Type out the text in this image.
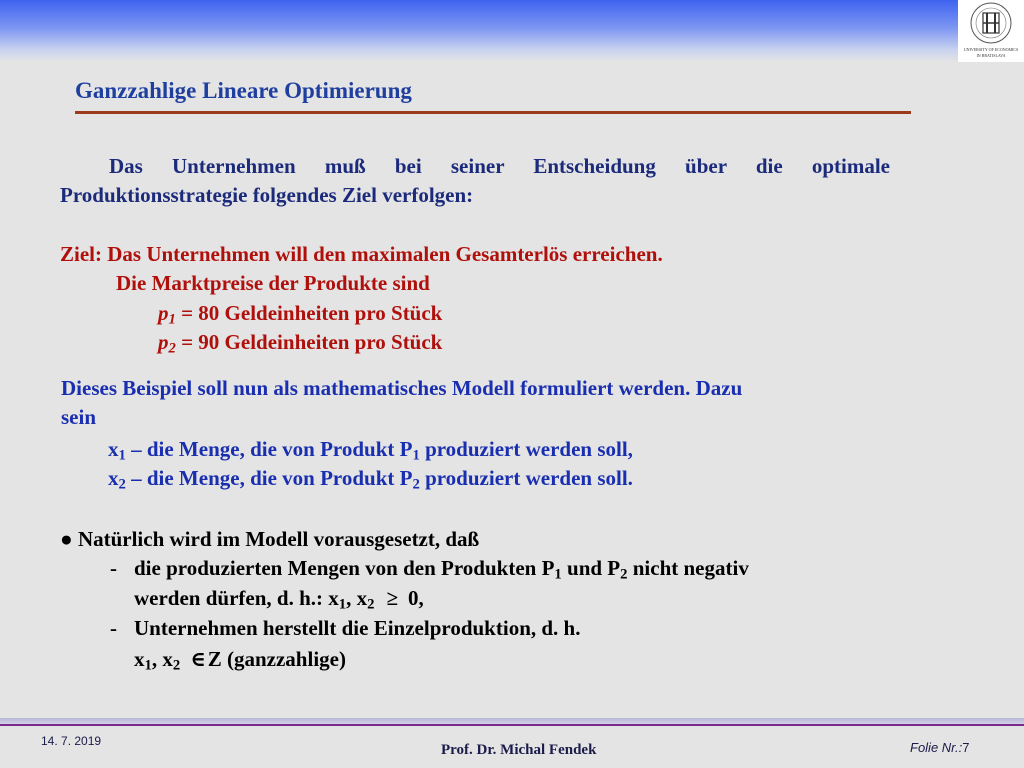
UNIVERSITY OF ECONOMICS
IN BRATISLAVA
Ganzzahlige Lineare Optimierung
Das Unternehmen muß bei seiner Entscheidung über die optimale
Produktionsstrategie folgendes Ziel verfolgen:

Ziel: Das Unternehmen will den maximalen Gesamterlös erreichen.

Die Marktpreise der Produkte sind

$p_1 = 80$ Geldeinheiten pro Stück

$p_2 = 90$ Geldeinheiten pro Stück

Dieses Beispiel soll nun als mathematisches Modell formuliert werden. Dazu

sein

$x_1$ – die Menge, die von Produkt $P_1$ produziert werden soll,

$x_2$ – die Menge, die von Produkt $P_2$ produziert werden soll.

● Natürlich wird im Modell vorausgesetzt, daß

- die produzierten Mengen von den Produkten $P_1$ und $P_2$ nicht negativ

werden dürfen, d. h.: $x_1$, $x_2 \ge 0$,

- Unternehmen herstellt die Einzelproduktion, d. h.

$x_1$, $x_2$ ∈Z (ganzzahlige)

14. 7. 2019
Prof. Dr. Michal Fendek	Folie Nr.:7
